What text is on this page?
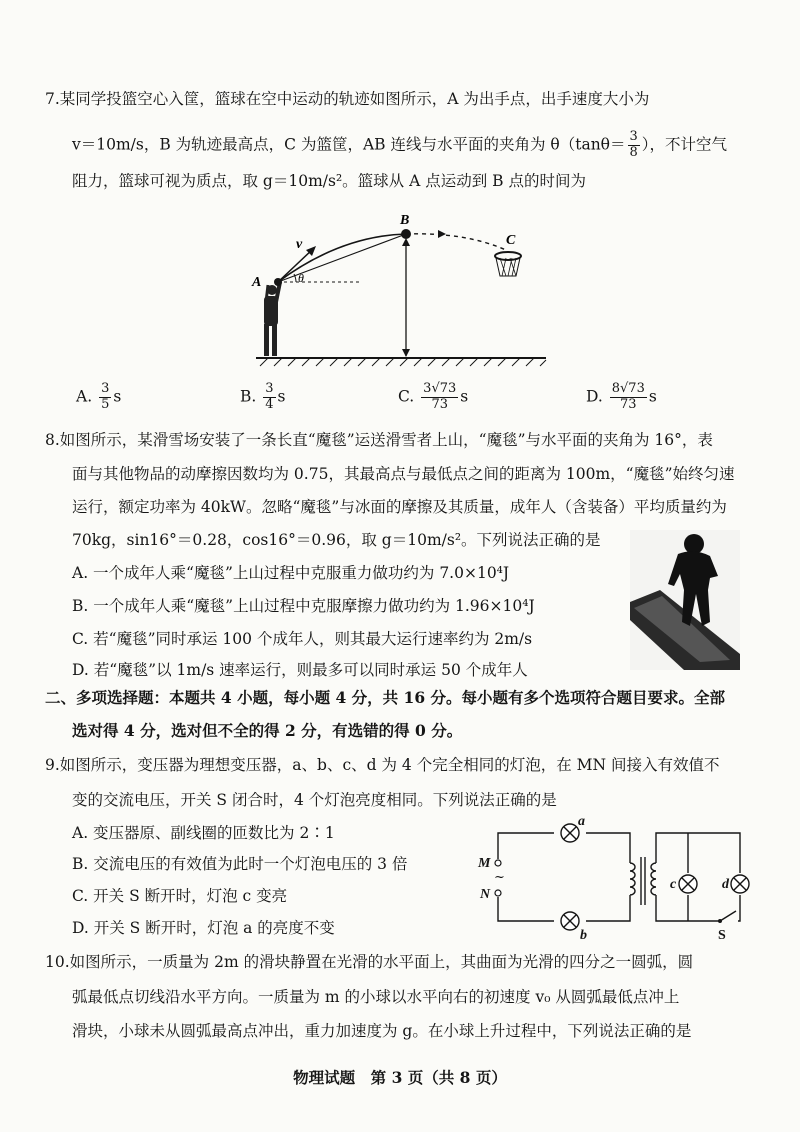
7.某同学投篮空心入筐，篮球在空中运动的轨迹如图所示，A 为出手点，出手速度大小为
v＝10m/s，B 为轨迹最高点，C 为篮筐，AB 连线与水平面的夹角为 $\theta(\tan\theta= \frac{3}{8}$ ），不计空气
阻力，篮球可视为质点，取 g＝10m/s²。篮球从 A 点运动到 B 点的时间为
B
C
A
v
θ
A. $\frac{3}{5}$ s	B. $\frac{3}{4}$ s	C. $\frac{3√73}{73}$ s	D. $\frac{8√73}{73}$ s
8.如图所示，某滑雪场安装了一条长直“魔毯”运送滑雪者上山，“魔毯”与水平面的夹角为 16°，表
面与其他物品的动摩擦因数均为 0.75，其最高点与最低点之间的距离为 100m，“魔毯”始终匀速
运行，额定功率为 40kW。忽略“魔毯”与冰面的摩擦及其质量，成年人（含装备）平均质量约为
70kg，sin16°＝0.28，cos16°＝0.96，取 g＝10m/s²。下列说法正确的是
A. 一个成年人乘“魔毯”上山过程中克服重力做功约为 7.0×10⁴J
B. 一个成年人乘“魔毯”上山过程中克服摩擦力做功约为 1.96×10⁴J
C. 若“魔毯”同时承运 100 个成年人，则其最大运行速率约为 2m/s
D. 若“魔毯”以 1m/s 速率运行，则最多可以同时承运 50 个成年人
二、多项选择题：本题共 4 小题，每小题 4 分，共 16 分。每小题有多个选项符合题目要求。全部
选对得 4 分，选对但不全的得 2 分，有选错的得 0 分。
9.如图所示，变压器为理想变压器，a、b、c、d 为 4 个完全相同的灯泡，在 MN 间接入有效值不
变的交流电压，开关 S 闭合时，4 个灯泡亮度相同。下列说法正确的是
A. 变压器原、副线圈的匝数比为 2∶1
B. 交流电压的有效值为此时一个灯泡电压的 3 倍
C. 开关 S 断开时，灯泡 c 变亮
D. 开关 S 断开时，灯泡 a 的亮度不变
a
b
c	d
M
N
S
~
10.如图所示，一质量为 2m 的滑块静置在光滑的水平面上，其曲面为光滑的四分之一圆弧，圆
弧最低点切线沿水平方向。一质量为 m 的小球以水平向右的初速度 v₀ 从圆弧最低点冲上
滑块，小球未从圆弧最高点冲出，重力加速度为 g。在小球上升过程中，下列说法正确的是
物理试题　第 3 页（共 8 页）
